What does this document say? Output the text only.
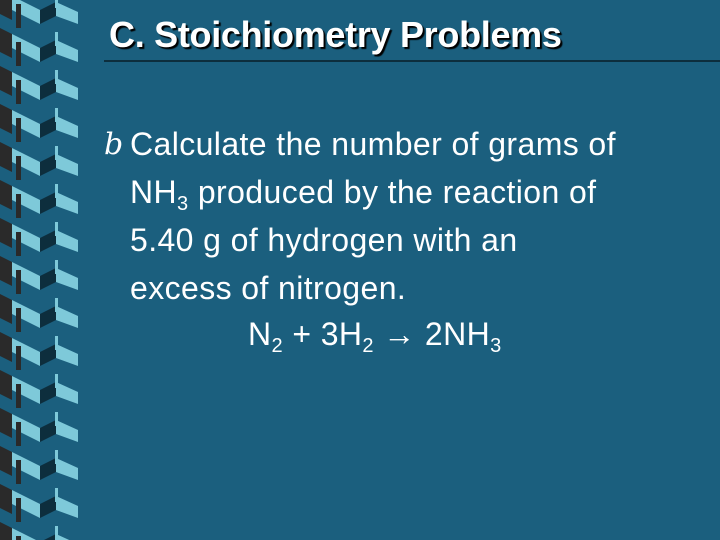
C. Stoichiometry Problems
b Calculate the number of grams of
$NH_3$ produced by the reaction of
5.40 g of hydrogen with an
excess of nitrogen.
$N_2 + 3H_2 \to 2NH_3$
